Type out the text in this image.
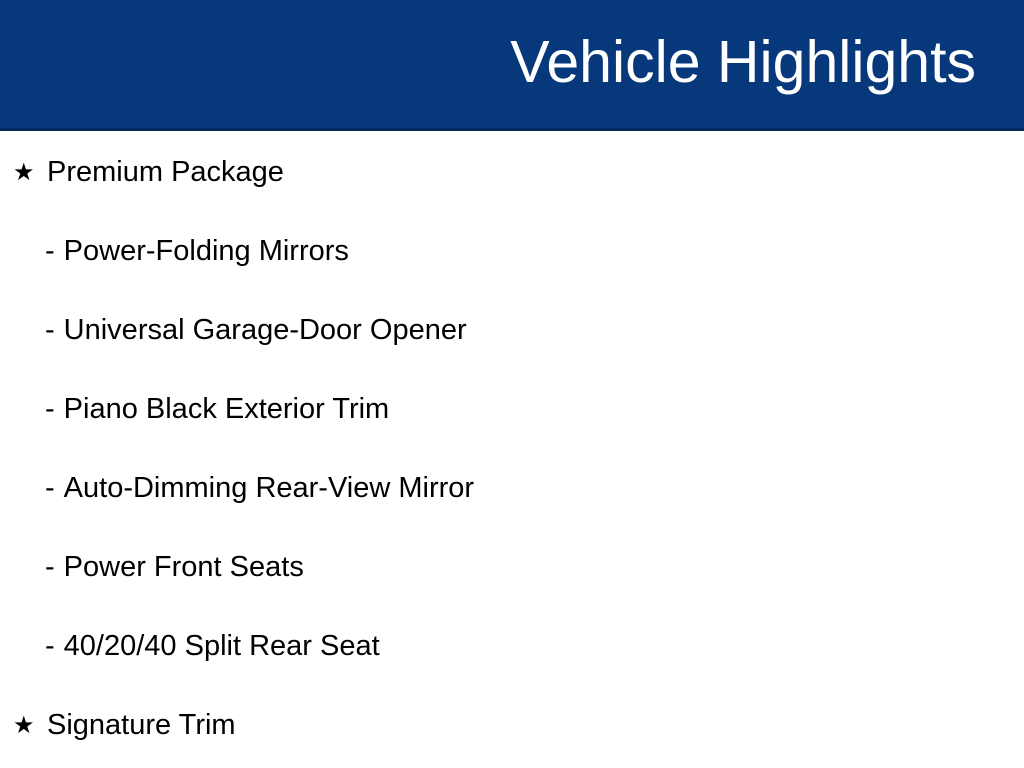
Vehicle Highlights
★ Premium Package
- Power-Folding Mirrors
- Universal Garage-Door Opener
- Piano Black Exterior Trim
- Auto-Dimming Rear-View Mirror
- Power Front Seats
- 40/20/40 Split Rear Seat
★ Signature Trim
